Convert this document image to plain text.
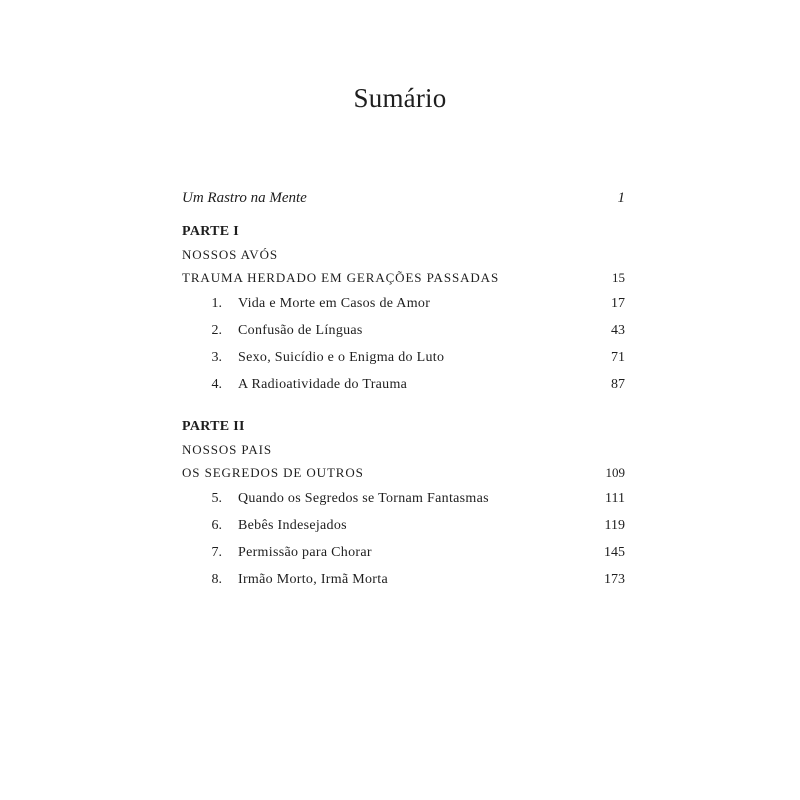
Sumário
Um Rastro na Mente	1
PARTE I
NOSSOS AVÓS
TRAUMA HERDADO EM GERAÇÕES PASSADAS	15
1. Vida e Morte em Casos de Amor	17
2. Confusão de Línguas	43
3. Sexo, Suicídio e o Enigma do Luto	71
4. A Radioatividade do Trauma	87
PARTE II
NOSSOS PAIS
OS SEGREDOS DE OUTROS	109
5. Quando os Segredos se Tornam Fantasmas	111
6. Bebês Indesejados	119
7. Permissão para Chorar	145
8. Irmão Morto, Irmã Morta	173
